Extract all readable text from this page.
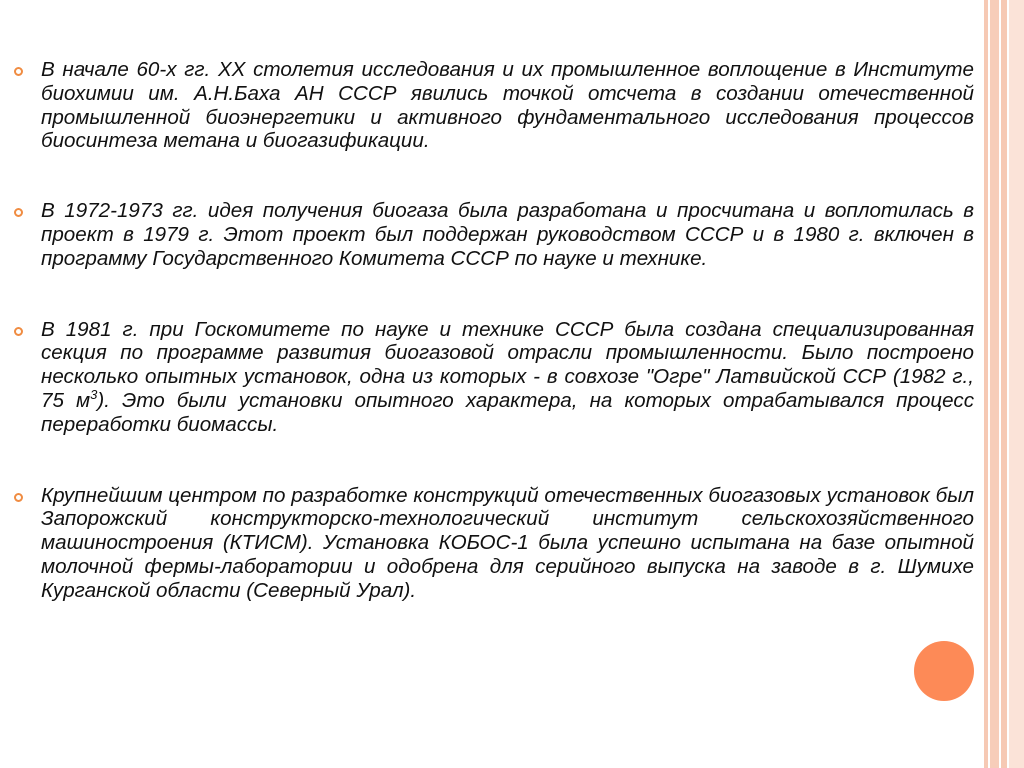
В начале 60-х гг. ХХ столетия исследования и их промышленное воплощение в Институте биохимии им. А.Н.Баха АН СССР явились точкой отсчета в создании отечественной промышленной биоэнергетики и активного фундаментального исследования процессов биосинтеза метана и биогазификации.

В 1972-1973 гг. идея получения биогаза была разработана и просчитана и воплотилась в проект в 1979 г. Этот проект был поддержан руководством СССР и в 1980 г. включен в программу Государственного Комитета СССР по науке и технике.

В 1981 г. при Госкомитете по науке и технике СССР была создана специализированная секция по программе развития биогазовой отрасли промышленности. Было построено несколько опытных установок, одна из которых - в совхозе "Огре" Латвийской ССР (1982 г., 75 $м^3$). Это были установки опытного характера, на которых отрабатывался процесс переработки биомассы.

Крупнейшим центром по разработке конструкций отечественных биогазовых установок был Запорожский конструкторско-технологический институт сельскохозяйственного машиностроения (КТИСМ). Установка КОБОС-1 была успешно испытана на базе опытной молочной фермы-лаборатории и одобрена для серийного выпуска на заводе в г. Шумихе Курганской области (Северный Урал).
